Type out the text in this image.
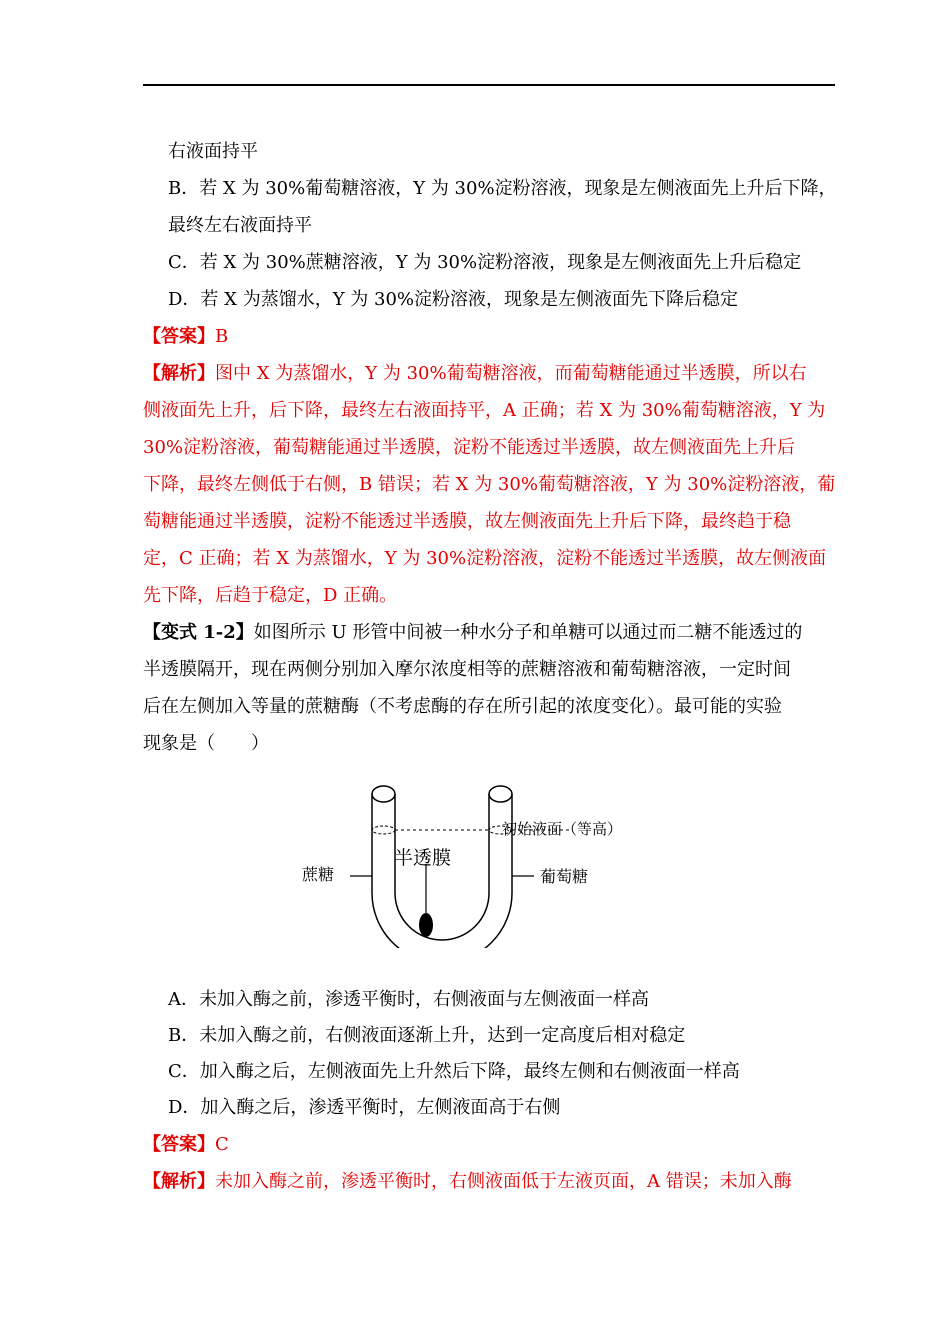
右液面持平
B．若 X 为 30%葡萄糖溶液，Y 为 30%淀粉溶液，现象是左侧液面先上升后下降，
最终左右液面持平
C．若 X 为 30%蔗糖溶液，Y 为 30%淀粉溶液，现象是左侧液面先上升后稳定
D．若 X 为蒸馏水，Y 为 30%淀粉溶液，现象是左侧液面先下降后稳定
【答案】B
【解析】图中 X 为蒸馏水，Y 为 30%葡萄糖溶液，而葡萄糖能通过半透膜，所以右
侧液面先上升，后下降，最终左右液面持平，A 正确；若 X 为 30%葡萄糖溶液，Y 为
30%淀粉溶液，葡萄糖能通过半透膜，淀粉不能透过半透膜，故左侧液面先上升后
下降，最终左侧低于右侧，B 错误；若 X 为 30%葡萄糖溶液，Y 为 30%淀粉溶液，葡
萄糖能通过半透膜，淀粉不能透过半透膜，故左侧液面先上升后下降，最终趋于稳
定，C 正确；若 X 为蒸馏水，Y 为 30%淀粉溶液，淀粉不能透过半透膜，故左侧液面
先下降，后趋于稳定，D 正确。
【变式 1-2】如图所示 U 形管中间被一种水分子和单糖可以通过而二糖不能透过的
半透膜隔开，现在两侧分别加入摩尔浓度相等的蔗糖溶液和葡萄糖溶液，一定时间
后在左侧加入等量的蔗糖酶（不考虑酶的存在所引起的浓度变化）。最可能的实验
现象是（　　）
蔗糖
半透膜
葡萄糖
初始液面（等高）
A．未加入酶之前，渗透平衡时，右侧液面与左侧液面一样高
B．未加入酶之前，右侧液面逐渐上升，达到一定高度后相对稳定
C．加入酶之后，左侧液面先上升然后下降，最终左侧和右侧液面一样高
D．加入酶之后，渗透平衡时，左侧液面高于右侧
【答案】C
【解析】未加入酶之前，渗透平衡时，右侧液面低于左液页面，A 错误；未加入酶
